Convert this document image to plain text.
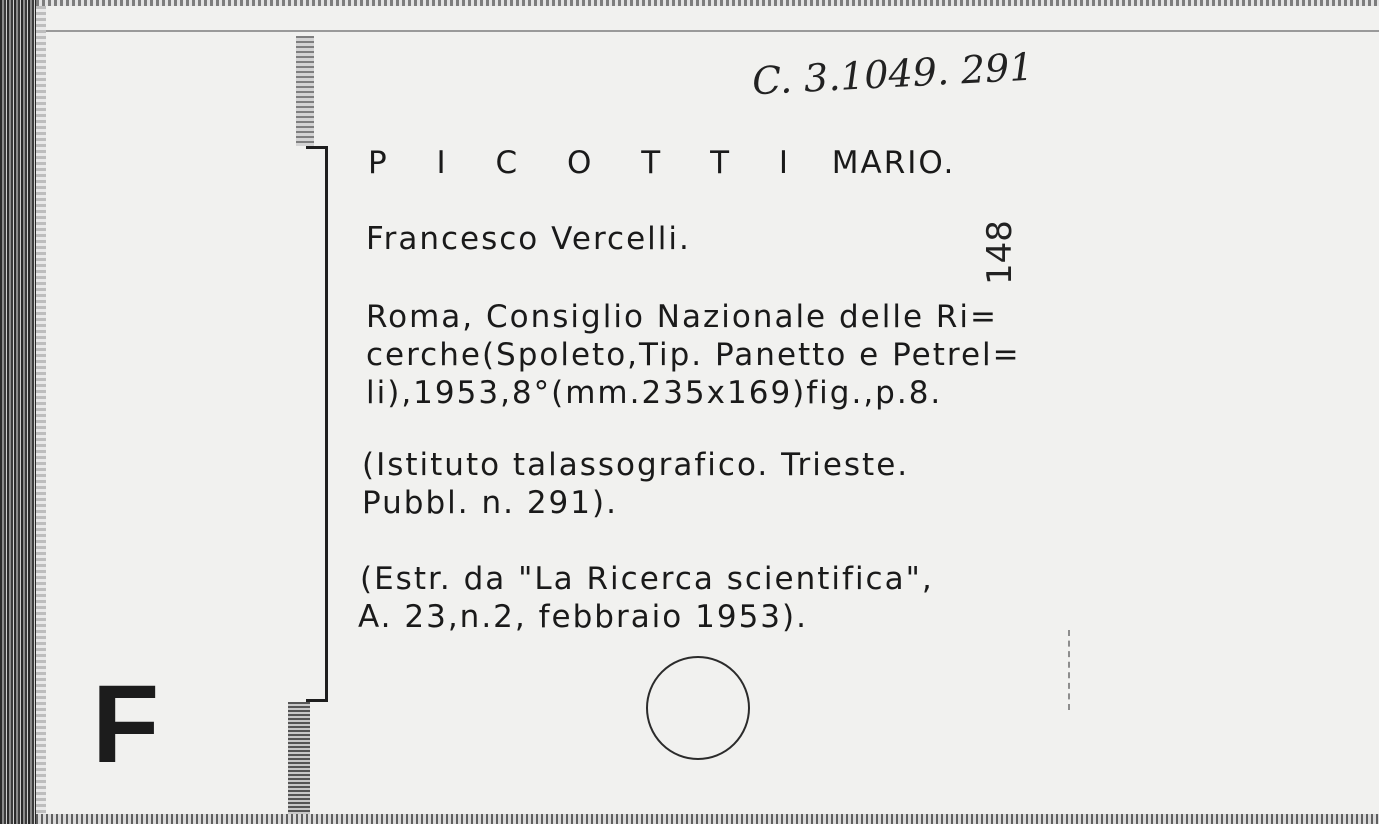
C. 3.1049. 291
148
P I C O T T I MARIO.
Francesco Vercelli.
Roma, Consiglio Nazionale delle Ri=
cerche(Spoleto,Tip. Panetto e Petrel=
li),1953,8°(mm.235x169)fig.,p.8.
(Istituto talassografico. Trieste.
Pubbl. n. 291).
(Estr. da "La Ricerca scientifica",
A. 23,n.2, febbraio 1953).
F
